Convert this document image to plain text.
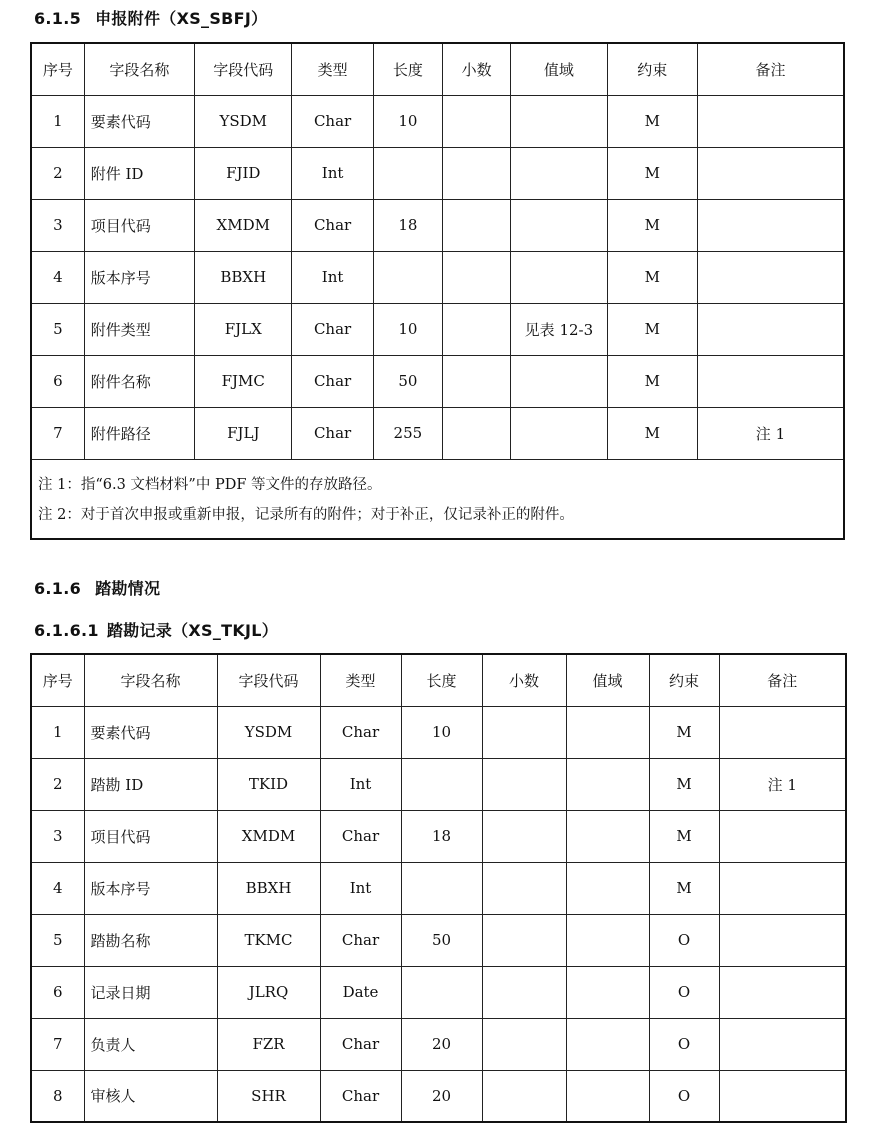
6.1.5 申报附件（XS_SBFJ）
序号	字段名称	字段代码	类型	长度	小数	值域	约束	备注
1	要素代码	YSDM	Char	10			M	
2	附件 ID	FJID	Int				M	
3	项目代码	XMDM	Char	18			M	
4	版本序号	BBXH	Int				M	
5	附件类型	FJLX	Char	10		见表 12-3	M	
6	附件名称	FJMC	Char	50			M	
7	附件路径	FJLJ	Char	255			M	注 1

注 1：指“6.3 文档材料”中 PDF 等文件的存放路径。
注 2：对于首次申报或重新申报，记录所有的附件；对于补正，仅记录补正的附件。								
6.1.6 踏勘情况
6.1.6.1 踏勘记录（XS_TKJL）
序号	字段名称	字段代码	类型	长度	小数	值域	约束	备注
1	要素代码	YSDM	Char	10			M	
2	踏勘 ID	TKID	Int				M	注 1
3	项目代码	XMDM	Char	18			M	
4	版本序号	BBXH	Int				M	
5	踏勘名称	TKMC	Char	50			O	
6	记录日期	JLRQ	Date				O	
7	负责人	FZR	Char	20			O	
8	审核人	SHR	Char	20			O	
